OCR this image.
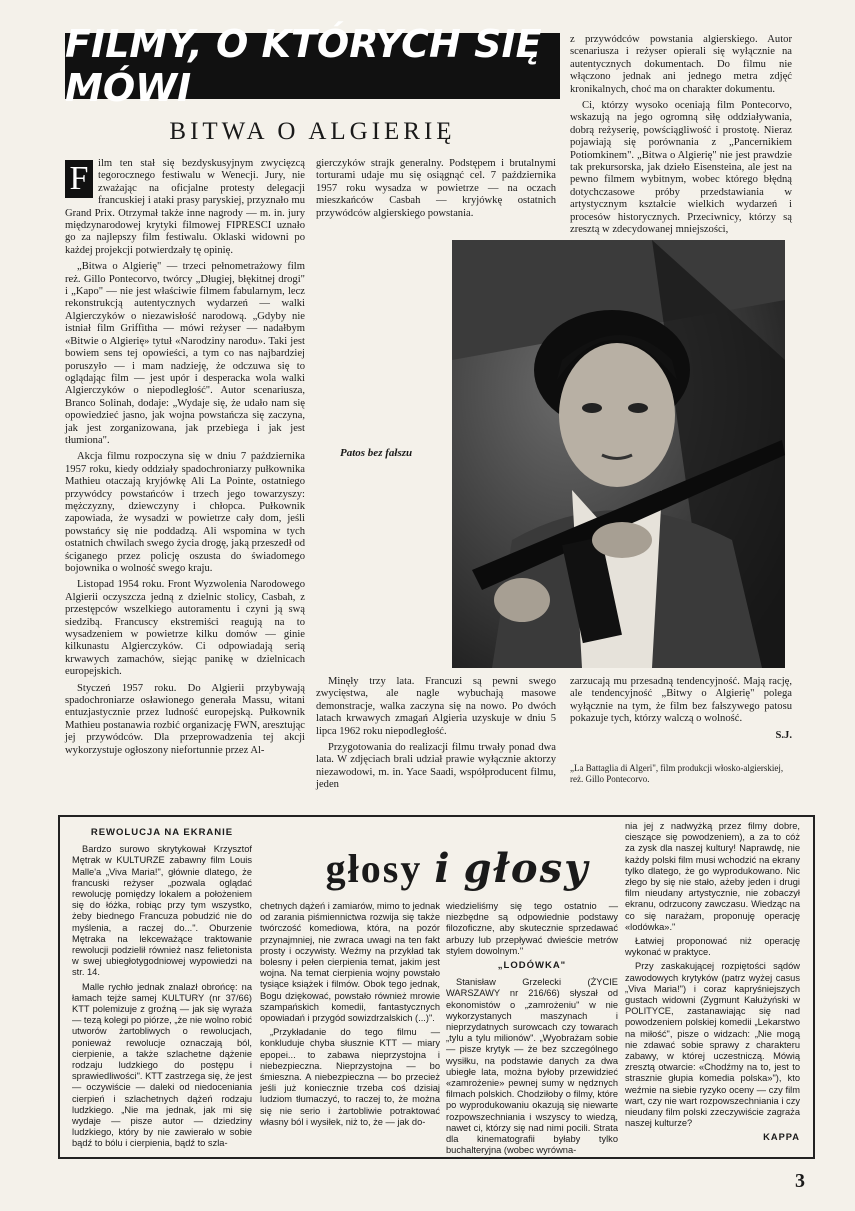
FILMY, O KTÓRYCH SIĘ MÓWI
BITWA O ALGIERIĘ

F ilm ten stał się bezdyskusyjnym zwycięzcą tegorocznego festiwalu w Wenecji. Jury, nie zważając na oficjalne protesty delegacji francuskiej i ataki prasy paryskiej, przyznało mu Grand Prix. Otrzymał także inne nagrody — m. in. jury międzynarodowej krytyki filmowej FIPRESCI uznało go za najlepszy film festiwalu. Oklaski widowni po każdej projekcji potwierdzały tę opinię.

„Bitwa o Algierię" — trzeci pełnometrażowy film reż. Gillo Pontecorvo, twórcy „Długiej, błękitnej drogi" i „Kapo" — nie jest właściwie filmem fabularnym, lecz rekonstrukcją autentycznych wydarzeń — walki Algierczyków o niezawisłość narodową. „Gdyby nie istniał film Griffitha — mówi reżyser — nadałbym «Bitwie o Algierię» tytuł «Narodziny narodu». Taki jest bowiem sens tej opowieści, a tym co nas najbardziej poruszyło — i mam nadzieję, że odczuwa się to oglądając film — jest upór i desperacka wola walki Algierczyków o niepodległość". Autor scenariusza, Branco Solinah, dodaje: „Wydaje się, że udało nam się opowiedzieć jasno, jak wojna powstańcza się zaczyna, jak jest zorganizowana, jak przebiega i jak jest tłumiona".

Akcja filmu rozpoczyna się w dniu 7 października 1957 roku, kiedy oddziały spadochroniarzy pułkownika Mathieu otaczają kryjówkę Ali La Pointe, ostatniego przywódcy powstańców i trzech jego towarzyszy: mężczyzny, dziewczyny i chłopca. Pułkownik zapowiada, że wysadzi w powietrze cały dom, jeśli powstańcy się nie poddadzą. Ali wspomina w tych ostatnich chwilach swego życia drogę, jaką przeszedł od ściganego przez policję oszusta do świadomego bojownika o wolność swego kraju.

Listopad 1954 roku. Front Wyzwolenia Narodowego Algierii oczyszcza jedną z dzielnic stolicy, Casbah, z przestępców wszelkiego autoramentu i czyni ją swą siedzibą. Francuscy ekstremiści reagują na to wysadzeniem w powietrze kilku domów — ginie kilkunastu Algierczyków. Ci odpowiadają serią krwawych zamachów, siejąc panikę w dzielnicach europejskich.

Styczeń 1957 roku. Do Algierii przybywają spadochroniarze osławionego generała Massu, witani entuzjastycznie przez ludność europejską. Pułkownik Mathieu postanawia rozbić organizację FWN, aresztując jej przywódców. Dla przeprowadzenia tej akcji wykorzystuje ogłoszony niefortunnie przez Al-

gierczyków strajk generalny. Podstępem i brutalnymi torturami udaje mu się osiągnąć cel. 7 października 1957 roku wysadza w powietrze — na oczach mieszkańców Casbah — kryjówkę ostatnich przywódców algierskiego powstania.

z przywódców powstania algierskiego. Autor scenariusza i reżyser opierali się wyłącznie na autentycznych dokumentach. Do filmu nie włączono jednak ani jednego metra zdjęć kronikalnych, choć ma on charakter dokumentu.

Ci, którzy wysoko oceniają film Pontecorvo, wskazują na jego ogromną siłę oddziaływania, dobrą reżyserię, powściągliwość i prostotę. Nieraz pojawiają się porównania z „Pancernikiem Potiomkinem". „Bitwa o Algierię" nie jest prawdzie tak prekursorska, jak dzieło Eisensteina, ale jest na pewno filmem wybitnym, wobec którego błędną dotychczasowe próby przedstawiania w artystycznym kształcie wielkich wydarzeń i procesów historycznych. Przeciwnicy, którzy są zresztą w zdecydowanej mniejszości,

Patos bez fałszu

Minęły trzy lata. Francuzi są pewni swego zwycięstwa, ale nagle wybuchają masowe demonstracje, walka zaczyna się na nowo. Po dwóch latach krwawych zmagań Algieria uzyskuje w dniu 5 lipca 1962 roku niepodległość.

Przygotowania do realizacji filmu trwały ponad dwa lata. W zdjęciach brali udział prawie wyłącznie aktorzy niezawodowi, m. in. Yace Saadi, współproducent filmu, jeden

zarzucają mu przesadną tendencyjność. Mają rację, ale tendencyjność „Bitwy o Algierię" polega wyłącznie na tym, że film bez fałszywego patosu pokazuje tych, którzy walczą o wolność.

S.J.
„La Battaglia di Algeri", film produkcji włosko-algierskiej, reż. Gillo Pontecorvo.
REWOLUCJA NA EKRANIE

Bardzo surowo skrytykował Krzysztof Mętrak w KULTURZE zabawny film Louis Malle'a „Viva Maria!", głównie dlatego, że francuski reżyser „pozwala oglądać rewolucję pomiędzy lokalem a położeniem się do łóżka, robiąc przy tym wszystko, żeby biednego Francuza pobudzić nie do myślenia, a raczej do...". Oburzenie Mętraka na lekceważące traktowanie rewolucji podzielił również nasz felietonista w swej ubiegłotygodniowej wypowiedzi na str. 14.

Malle rychło jednak znalazł obrońcę: na łamach tejże samej KULTURY (nr 37/66) KTT polemizuje z groźną — jak się wyraża — tezą kolegi po piórze, „że nie wolno robić utworów żartobliwych o rewolucjach, ponieważ rewolucje oznaczają ból, cierpienie, a także szlachetne dążenie rodzaju ludzkiego do postępu i sprawiedliwości". KTT zastrzega się, że jest — oczywiście — daleki od niedoceniania cierpień i szlachetnych dążeń rodzaju ludzkiego. „Nie ma jednak, jak mi się wydaje — pisze autor — dziedziny ludzkiego, który by nie zawierało w sobie bądź to bólu i cierpienia, bądź to szla-

chetnych dążeń i zamiarów, mimo to jednak od zarania piśmiennictwa rozwija się także twórczość komediowa, która, na pozór przynajmniej, nie zwraca uwagi na ten fakt prosty i oczywisty. Weźmy na przykład tak bolesny i pełen cierpienia temat, jakim jest wojna. Na temat cierpienia wojny powstało tysiące książek i filmów. Obok tego jednak, Bogu dziękować, powstało również mrowie szampańskich komedii, fantastycznych opowiadań i przygód sowizdrzalskich (...)".

„Przykładanie do tego filmu — konkluduje chyba słusznie KTT — miary epopei... to zabawa nieprzystojna i niebezpieczna. Nieprzystojna — bo śmieszna. A niebezpieczna — bo przecież jeśli już koniecznie trzeba coś dzisiaj ludziom tłumaczyć, to raczej to, że można się nie serio i żartobliwie potraktować własny ból i wysiłek, niż to, że — jak do-

wiedzieliśmy się tego ostatnio — niezbędne są odpowiednie podstawy filozoficzne, aby skutecznie sprzedawać arbuzy lub przepływać dwieście metrów stylem dowolnym."

„LODÓWKA"

Stanisław Grzelecki (ŻYCIE WARSZAWY nr 216/66) słyszał od ekonomistów o „zamrożeniu" w nie wykorzystanych maszynach i nieprzydatnych surowcach czy towarach „tylu a tylu milionów". „Wyobrażam sobie — pisze krytyk — że bez szczególnego wysiłku, na podstawie danych za dwa ubiegłe lata, można byłoby przewidzieć «zamrożenie» pewnej sumy w nędznych filmach polskich. Chodziłoby o filmy, które po wyprodukowaniu okazują się niewarte rozpowszechniania i wszyscy to wiedzą, nawet ci, którzy się nad nimi pocili. Strata dla kinematografii byłaby tylko buchalteryjna (wobec wyrówna-

nia jej z nadwyżką przez filmy dobre, cieszące się powodzeniem), a za to cóż za zysk dla naszej kultury! Naprawdę, nie każdy polski film musi wchodzić na ekrany tylko dlatego, że go wyprodukowano. Nic złego by się nie stało, ażeby jeden i drugi film nieudany artystycznie, nie zobaczył ekranu, odrzucony zawczasu. Wiedząc na co się narażam, proponuję operację «lodówka»."

Łatwiej proponować niż operację wykonać w praktyce.

Przy zaskakującej rozpiętości sądów zawodowych krytyków (patrz wyżej casus „Viva Maria!") i coraz kapryśniejszych gustach widowni (Zygmunt Kałużyński w POLITYCE, zastanawiając się nad powodzeniem polskiej komedii „Lekarstwo na miłość", pisze o widzach: „Nie mogą nie zdawać sobie sprawy z charakteru zabawy, w której uczestniczą. Mówią zresztą otwarcie: «Chodźmy na to, jest to strasznie głupia komedia polska»"), kto weźmie na siebie ryzyko oceny — czy film wart, czy nie wart rozpowszechniania i czy nieudany film polski zzeczywiście zagraża naszej kulturze?

KAPPA
głosy i głosy
3
